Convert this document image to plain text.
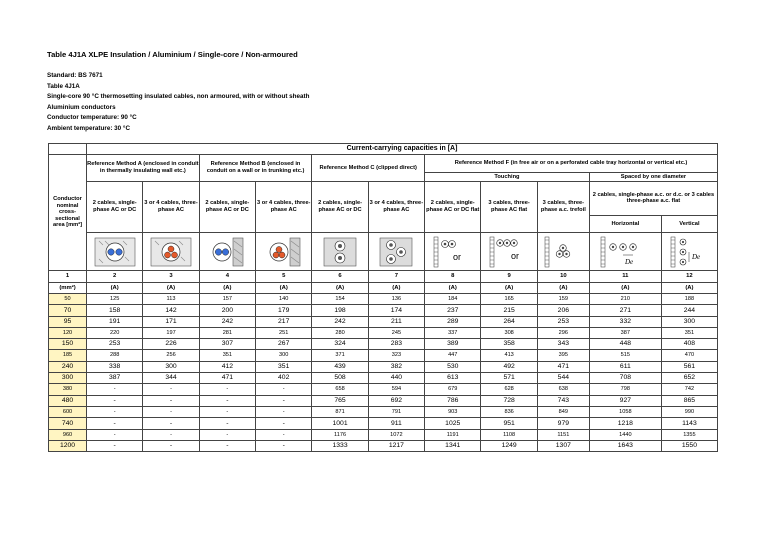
Table 4J1A XLPE Insulation / Aluminium / Single-core / Non-armoured
Standard: BS 7671
Table 4J1A
Single-core 90 °C thermosetting insulated cables, non armoured, with or without sheath
Aluminium conductors
Conductor temperature: 90 °C
Ambient temperature: 30 °C
	Current-carrying capacities in [A]										
Conductor nominal cross-sectional area [mm²]	Reference Method A (enclosed in conduit in thermally insulating wall etc.)		Reference Method B (enclosed in conduit on a wall or in trunking etc.)		Reference Method C (clipped direct)		Reference Method F (in free air or on a perforated cable tray horizontal or vertical etc.)				
							Touching			Spaced by one diameter	
	2 cables, single-phase AC or DC	3 or 4 cables, three-phase AC	2 cables, single-phase AC or DC	3 or 4 cables, three-phase AC	2 cables, single-phase AC or DC	3 or 4 cables, three-phase AC	2 cables, single-phase AC or DC flat	3 cables, three-phase AC flat	3 cables, three-phase a.c. trefoil	2 cables, single-phase a.c. or d.c. or 3 cables three-phase a.c. flat	
										Horizontal	Vertical

or	or		De	De

1	2	3	4	5	6	7	8	9	10	11	12
(mm²)	(A)	(A)	(A)	(A)	(A)	(A)	(A)	(A)	(A)	(A)	(A)
50	125	113	157	140	154	136	184	165	159	210	188
70	158	142	200	179	198	174	237	215	206	271	244
95	191	171	242	217	242	211	289	264	253	332	300
120	220	197	281	251	280	245	337	308	296	387	351
150	253	226	307	267	324	283	389	358	343	448	408
185	288	256	351	300	371	323	447	413	395	515	470
240	338	300	412	351	439	382	530	492	471	611	561
300	387	344	471	402	508	440	613	571	544	708	652
380	-	-	-	-	658	594	679	628	638	798	742
480	-	-	-	-	765	692	786	728	743	927	865
600	-	-	-	-	871	791	903	836	849	1058	990
740	-	-	-	-	1001	911	1025	951	979	1218	1143
960	-	-	-	-	1176	1072	1191	1108	1151	1440	1355
1200	-	-	-	-	1333	1217	1341	1249	1307	1643	1550
